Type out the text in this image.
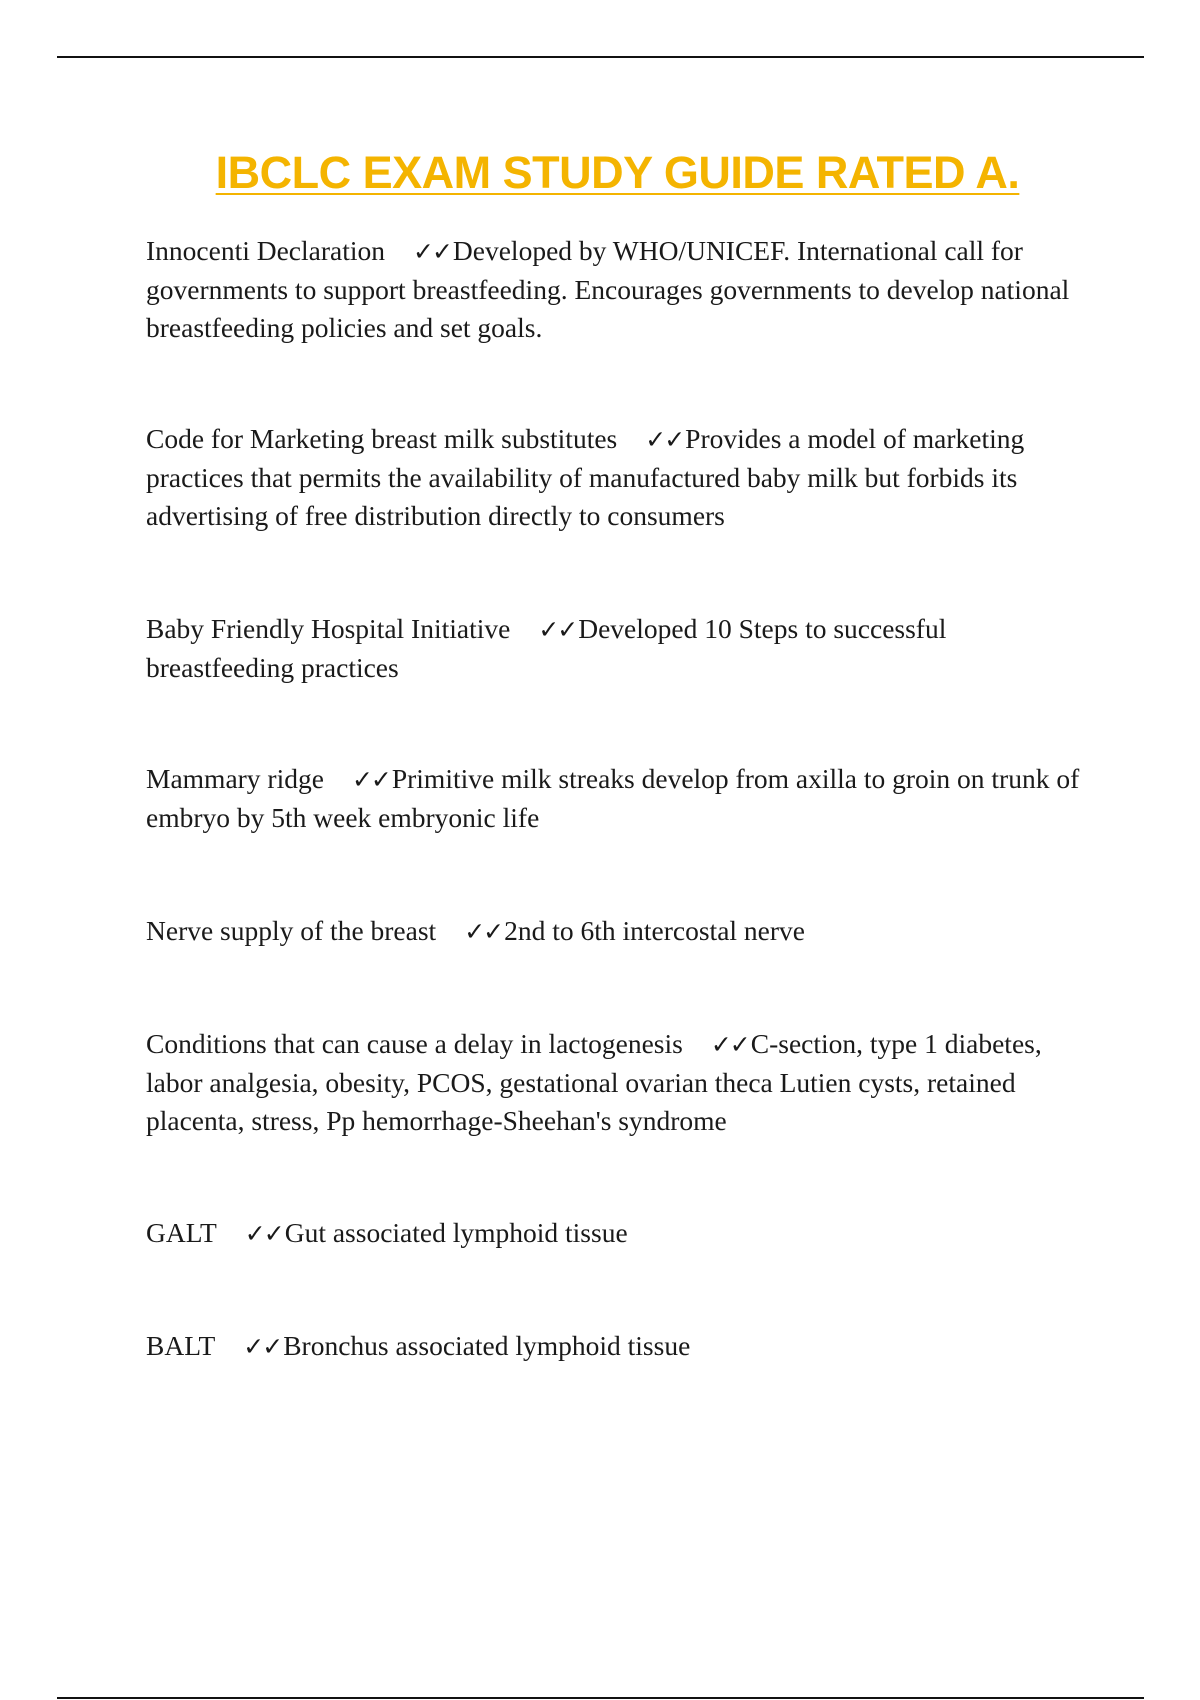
IBCLC EXAM STUDY GUIDE RATED A.

Innocenti Declaration ✓✓Developed by WHO/UNICEF. International call for governments to support breastfeeding. Encourages governments to develop national breastfeeding policies and set goals.

Code for Marketing breast milk substitutes ✓✓Provides a model of marketing practices that permits the availability of manufactured baby milk but forbids its advertising of free distribution directly to consumers

Baby Friendly Hospital Initiative ✓✓Developed 10 Steps to successful breastfeeding practices

Mammary ridge ✓✓Primitive milk streaks develop from axilla to groin on trunk of embryo by 5th week embryonic life

Nerve supply of the breast ✓✓2nd to 6th intercostal nerve

Conditions that can cause a delay in lactogenesis ✓✓C-section, type 1 diabetes, labor analgesia, obesity, PCOS, gestational ovarian theca Lutien cysts, retained placenta, stress, Pp hemorrhage-Sheehan's syndrome

GALT ✓✓Gut associated lymphoid tissue

BALT ✓✓Bronchus associated lymphoid tissue
